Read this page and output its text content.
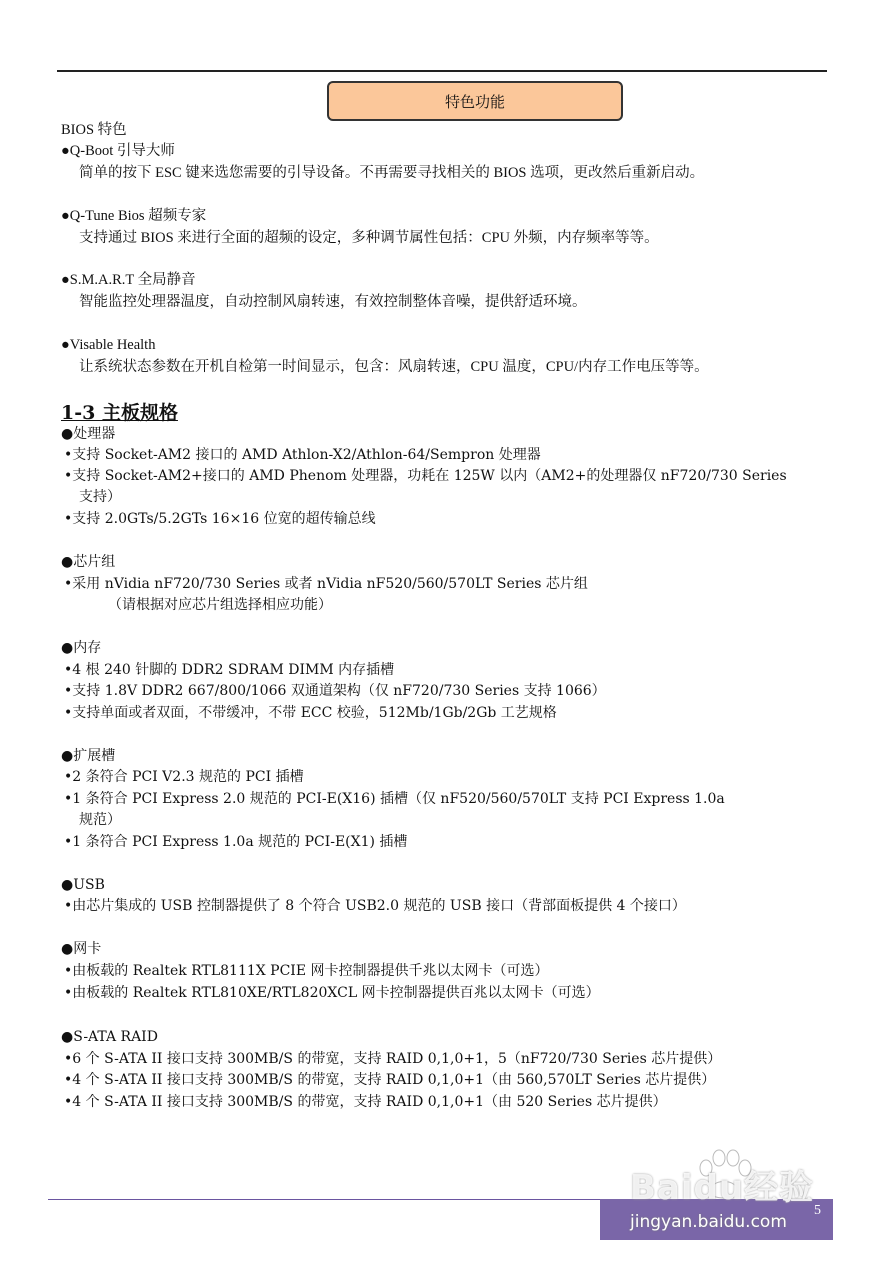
特色功能
BIOS 特色
●Q-Boot 引导大师
简单的按下 ESC 键来选您需要的引导设备。不再需要寻找相关的 BIOS 选项，更改然后重新启动。
●Q-Tune Bios 超频专家
支持通过 BIOS 来进行全面的超频的设定，多种调节属性包括：CPU 外频，内存频率等等。
●S.M.A.R.T 全局静音
智能监控处理器温度，自动控制风扇转速，有效控制整体音噪，提供舒适环境。
●Visable Health
让系统状态参数在开机自检第一时间显示，包含：风扇转速，CPU 温度，CPU/内存工作电压等等。
1-3 主板规格
●处理器
•支持 Socket-AM2 接口的 AMD Athlon-X2/Athlon-64/Sempron 处理器
•支持 Socket-AM2+接口的 AMD Phenom 处理器，功耗在 125W 以内（AM2+的处理器仅 nF720/730 Series
支持）
•支持 2.0GTs/5.2GTs 16×16 位宽的超传输总线
●芯片组
•采用 nVidia nF720/730 Series 或者 nVidia nF520/560/570LT Series 芯片组
（请根据对应芯片组选择相应功能）
●内存
•4 根 240 针脚的 DDR2 SDRAM DIMM 内存插槽
•支持 1.8V DDR2 667/800/1066 双通道架构（仅 nF720/730 Series 支持 1066）
•支持单面或者双面，不带缓冲，不带 ECC 校验，512Mb/1Gb/2Gb 工艺规格
●扩展槽
•2 条符合 PCI V2.3 规范的 PCI 插槽
•1 条符合 PCI Express 2.0 规范的 PCI-E(X16) 插槽（仅 nF520/560/570LT 支持 PCI Express 1.0a
规范）
•1 条符合 PCI Express 1.0a 规范的 PCI-E(X1) 插槽
●USB
•由芯片集成的 USB 控制器提供了 8 个符合 USB2.0 规范的 USB 接口（背部面板提供 4 个接口）
●网卡
•由板载的 Realtek RTL8111X PCIE 网卡控制器提供千兆以太网卡（可选）
•由板载的 Realtek RTL810XE/RTL820XCL 网卡控制器提供百兆以太网卡（可选）
●S-ATA RAID
•6 个 S-ATA II 接口支持 300MB/S 的带宽，支持 RAID 0,1,0+1，5（nF720/730 Series 芯片提供）
•4 个 S-ATA II 接口支持 300MB/S 的带宽，支持 RAID 0,1,0+1（由 560,570LT Series 芯片提供）
•4 个 S-ATA II 接口支持 300MB/S 的带宽，支持 RAID 0,1,0+1（由 520 Series 芯片提供）
5
Baidu经验
jingyan.baidu.com
